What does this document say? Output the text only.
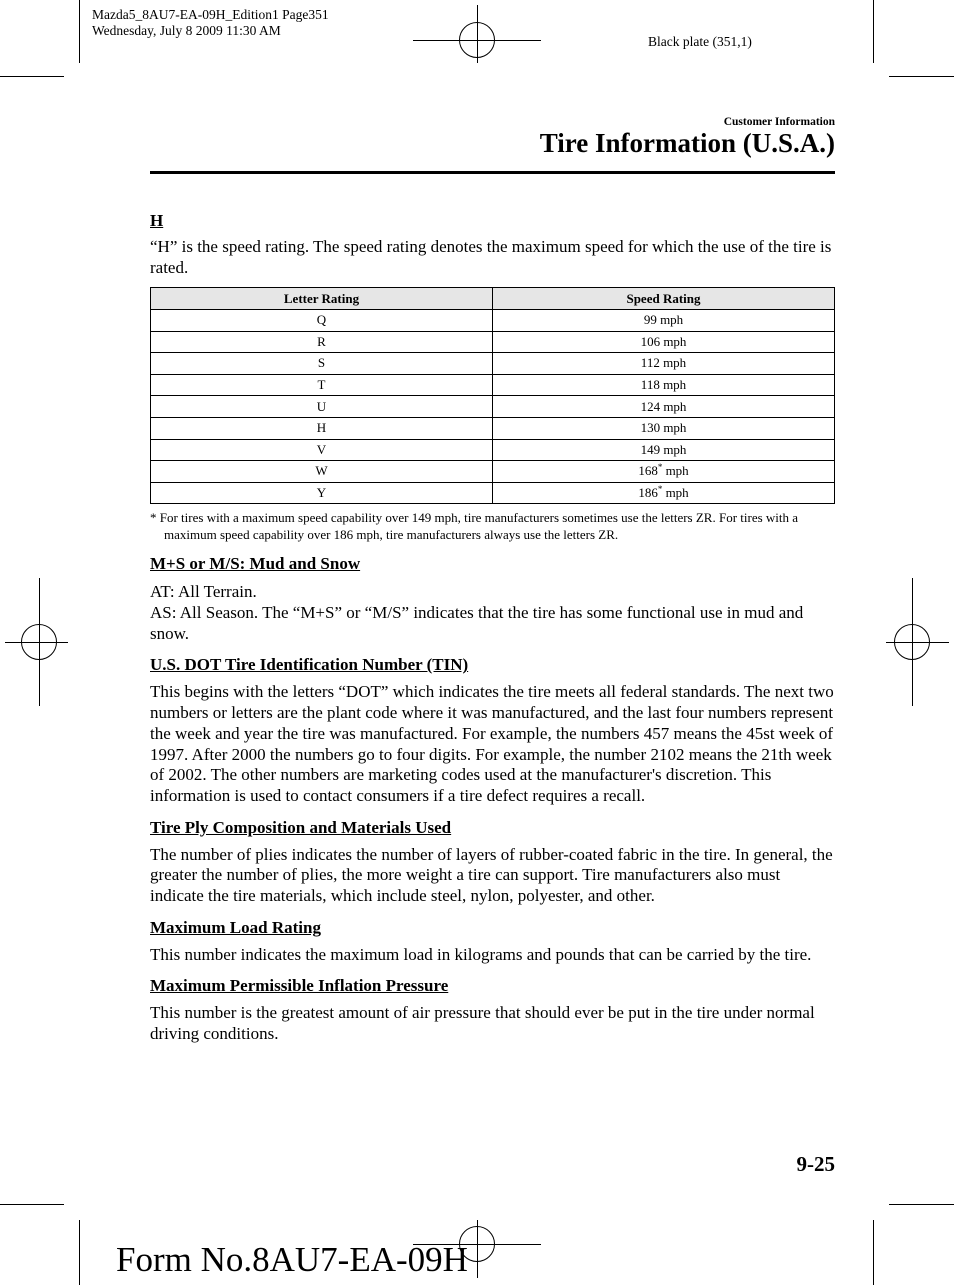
Mazda5_8AU7-EA-09H_Edition1 Page351
Wednesday, July 8 2009 11:30 AM
Black plate (351,1)
Customer Information
Tire Information (U.S.A.)

H

“H” is the speed rating. The speed rating denotes the maximum speed for which the use of the tire is rated.

Letter Rating	Speed Rating
Q	99 mph
R	106 mph
S	112 mph
T	118 mph
U	124 mph
H	130 mph
V	149 mph
W	168* mph
Y	186* mph

* For tires with a maximum speed capability over 149 mph, tire manufacturers sometimes use the letters ZR. For tires with a maximum speed capability over 186 mph, tire manufacturers always use the letters ZR.

M+S or M/S: Mud and Snow

AT: All Terrain.

AS: All Season. The “M+S” or “M/S” indicates that the tire has some functional use in mud and snow.

U.S. DOT Tire Identification Number (TIN)

This begins with the letters “DOT” which indicates the tire meets all federal standards. The next two numbers or letters are the plant code where it was manufactured, and the last four numbers represent the week and year the tire was manufactured. For example, the numbers 457 means the 45st week of 1997. After 2000 the numbers go to four digits. For example, the number 2102 means the 21th week of 2002. The other numbers are marketing codes used at the manufacturer's discretion. This information is used to contact consumers if a tire defect requires a recall.

Tire Ply Composition and Materials Used

The number of plies indicates the number of layers of rubber-coated fabric in the tire. In general, the greater the number of plies, the more weight a tire can support. Tire manufacturers also must indicate the tire materials, which include steel, nylon, polyester, and other.

Maximum Load Rating

This number indicates the maximum load in kilograms and pounds that can be carried by the tire.

Maximum Permissible Inflation Pressure

This number is the greatest amount of air pressure that should ever be put in the tire under normal driving conditions.

9-25
Form No.8AU7-EA-09H
